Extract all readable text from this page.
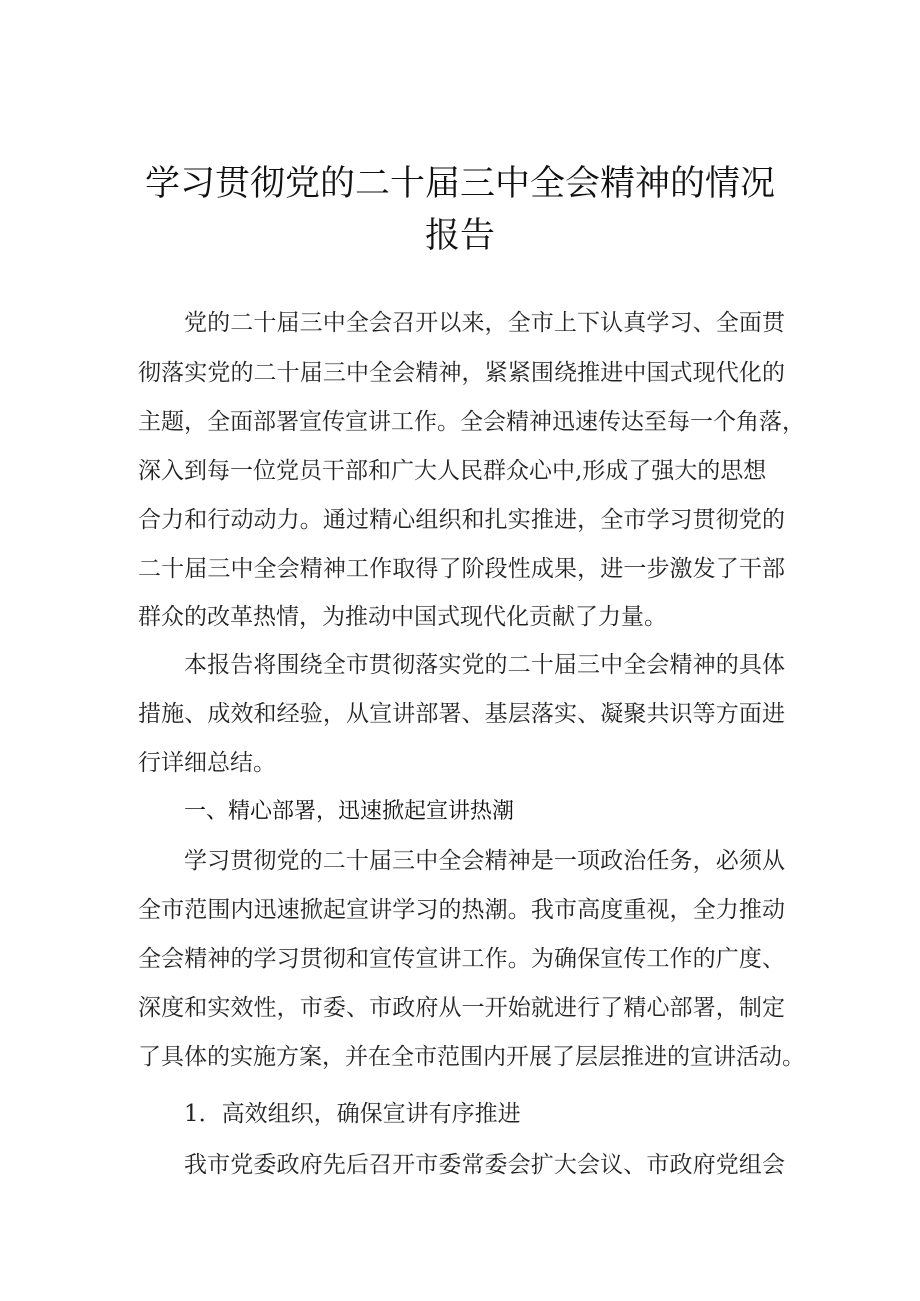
学习贯彻党的二十届三中全会精神的情况
报告
党的二十届三中全会召开以来，全市上下认真学习、全面贯
彻落实党的二十届三中全会精神，紧紧围绕推进中国式现代化的
主题，全面部署宣传宣讲工作。全会精神迅速传达至每一个角落，
深入到每一位党员干部和广大人民群众心中,形成了强大的思想
合力和行动动力。通过精心组织和扎实推进，全市学习贯彻党的
二十届三中全会精神工作取得了阶段性成果，进一步激发了干部
群众的改革热情，为推动中国式现代化贡献了力量。
本报告将围绕全市贯彻落实党的二十届三中全会精神的具体
措施、成效和经验，从宣讲部署、基层落实、凝聚共识等方面进
行详细总结。
一、精心部署，迅速掀起宣讲热潮
学习贯彻党的二十届三中全会精神是一项政治任务，必须从
全市范围内迅速掀起宣讲学习的热潮。我市高度重视，全力推动
全会精神的学习贯彻和宣传宣讲工作。为确保宣传工作的广度、
深度和实效性，市委、市政府从一开始就进行了精心部署，制定
了具体的实施方案，并在全市范围内开展了层层推进的宣讲活动。
1．高效组织，确保宣讲有序推进
我市党委政府先后召开市委常委会扩大会议、市政府党组会
